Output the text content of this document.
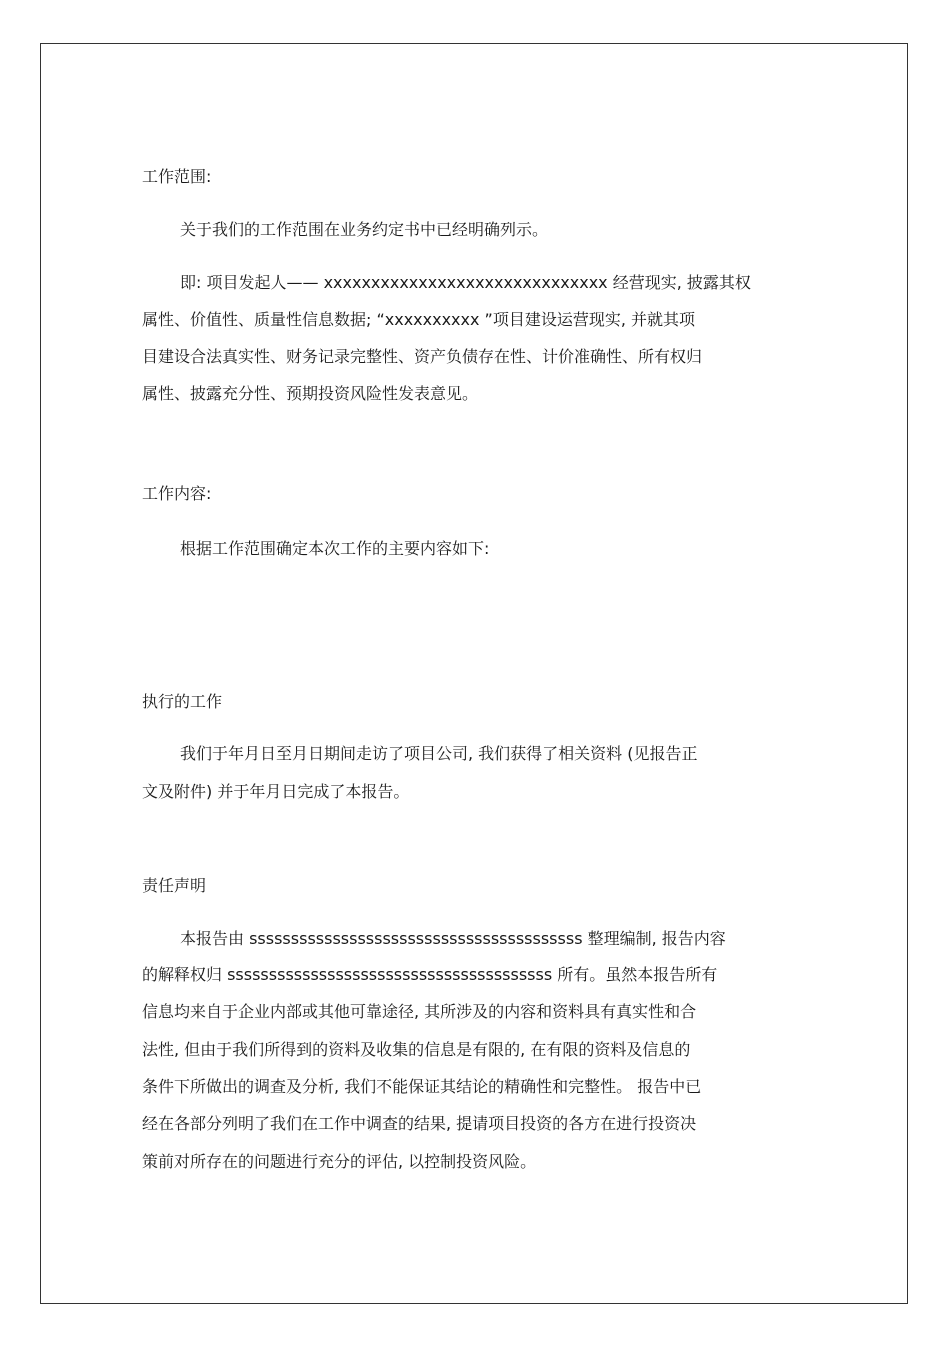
工作范围:
关于我们的工作范围在业务约定书中已经明确列示。
即: 项目发起人—— xxxxxxxxxxxxxxxxxxxxxxxxxxxxxx 经营现实, 披露其权
属性、价值性、质量性信息数据; “xxxxxxxxxx ”项目建设运营现实, 并就其项
目建设合法真实性、财务记录完整性、资产负债存在性、计价准确性、所有权归
属性、披露充分性、预期投资风险性发表意见。
工作内容:
根据工作范围确定本次工作的主要内容如下:
执行的工作
我们于年月日至月日期间走访了项目公司, 我们获得了相关资料 (见报告正
文及附件) 并于年月日完成了本报告。
责任声明
本报告由 ssssssssssssssssssssssssssssssssssssssss 整理编制, 报告内容
的解释权归 sssssssssssssssssssssssssssssssssssssss 所有。虽然本报告所有
信息均来自于企业内部或其他可靠途径, 其所涉及的内容和资料具有真实性和合
法性, 但由于我们所得到的资料及收集的信息是有限的, 在有限的资料及信息的
条件下所做出的调查及分析, 我们不能保证其结论的精确性和完整性。 报告中已
经在各部分列明了我们在工作中调查的结果, 提请项目投资的各方在进行投资决
策前对所存在的问题进行充分的评估, 以控制投资风险。
